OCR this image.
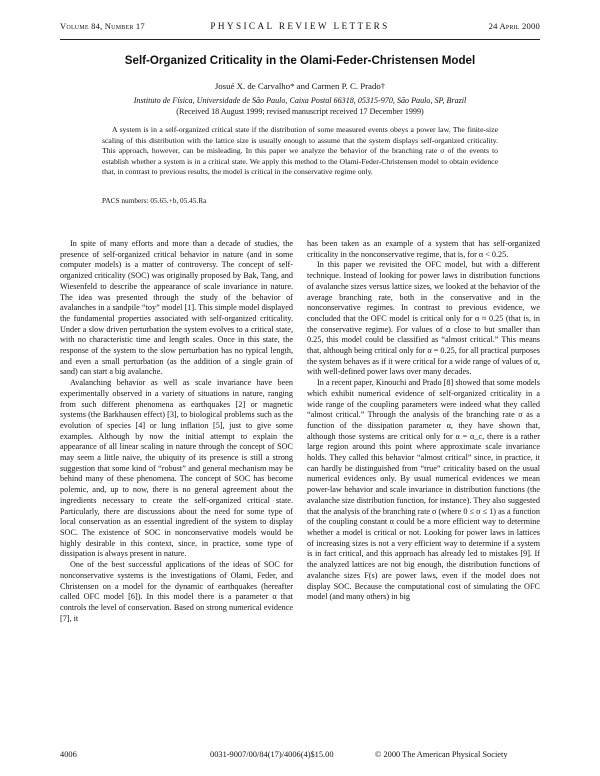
Volume 84, Number 17	PHYSICAL REVIEW LETTERS	24 April 2000
Self-Organized Criticality in the Olami-Feder-Christensen Model
Josué X. de Carvalho* and Carmen P. C. Prado†
Instituto de Física, Universidade de São Paulo, Caixa Postal 66318, 05315-970, São Paulo, SP, Brazil
(Received 18 August 1999; revised manuscript received 17 December 1999)
A system is in a self-organized critical state if the distribution of some measured events obeys a power law. The finite-size scaling of this distribution with the lattice size is usually enough to assume that the system displays self-organized criticality. This approach, however, can be misleading. In this paper we analyze the behavior of the branching rate σ of the events to establish whether a system is in a critical state. We apply this method to the Olami-Feder-Christensen model to obtain evidence that, in contrast to previous results, the model is critical in the conservative regime only.
PACS numbers: 05.65.+b, 05.45.Ra

In spite of many efforts and more than a decade of studies, the presence of self-organized critical behavior in nature (and in some computer models) is a matter of controversy. The concept of self-organized criticality (SOC) was originally proposed by Bak, Tang, and Wiesenfeld to describe the appearance of scale invariance in nature. The idea was presented through the study of the behavior of avalanches in a sandpile “toy” model [1]. This simple model displayed the fundamental properties associated with self-organized criticality. Under a slow driven perturbation the system evolves to a critical state, with no characteristic time and length scales. Once in this state, the response of the system to the slow perturbation has no typical length, and even a small perturbation (as the addition of a single grain of sand) can start a big avalanche.

Avalanching behavior as well as scale invariance have been experimentally observed in a variety of situations in nature, ranging from such different phenomena as earthquakes [2] or magnetic systems (the Barkhausen effect) [3], to biological problems such as the evolution of species [4] or lung inflation [5], just to give some examples. Although by now the initial attempt to explain the appearance of all linear scaling in nature through the concept of SOC may seem a little naive, the ubiquity of its presence is still a strong suggestion that some kind of “robust” and general mechanism may be behind many of these phenomena. The concept of SOC has become polemic, and, up to now, there is no general agreement about the ingredients necessary to create the self-organized critical state. Particularly, there are discussions about the need for some type of local conservation as an essential ingredient of the system to display SOC. The existence of SOC in nonconservative models would be highly desirable in this context, since, in practice, some type of dissipation is always present in nature.

One of the best successful applications of the ideas of SOC for nonconservative systems is the investigations of Olami, Feder, and Christensen on a model for the dynamic of earthquakes (hereafter called OFC model [6]). In this model there is a parameter α that controls the level of conservation. Based on strong numerical evidence [7], it

has been taken as an example of a system that has self-organized criticality in the nonconservative regime, that is, for α < 0.25.

In this paper we revisited the OFC model, but with a different technique. Instead of looking for power laws in distribution functions of avalanche sizes versus lattice sizes, we looked at the behavior of the average branching rate, both in the conservative and in the nonconservative regimes. In contrast to previous evidence, we concluded that the OFC model is critical only for α ≈ 0.25 (that is, in the conservative regime). For values of α close to but smaller than 0.25, this model could be classified as “almost critical.” This means that, although being critical only for α = 0.25, for all practical purposes the system behaves as if it were critical for a wide range of values of α, with well-defined power laws over many decades.

In a recent paper, Kinouchi and Prado [8] showed that some models which exhibit numerical evidence of self-organized criticality in a wide range of the coupling parameters were indeed what they called “almost critical.” Through the analysis of the branching rate σ as a function of the dissipation parameter α, they have shown that, although those systems are critical only for α = α_c, there is a rather large region around this point where approximate scale invariance holds. They called this behavior “almost critical” since, in practice, it can hardly be distinguished from “true” criticality based on the usual numerical evidences only. By usual numerical evidences we mean power-law behavior and scale invariance in distribution functions (the avalanche size distribution function, for instance). They also suggested that the analysis of the branching rate σ (where 0 ≤ σ ≤ 1) as a function of the coupling constant α could be a more efficient way to determine whether a model is critical or not. Looking for power laws in lattices of increasing sizes is not a very efficient way to determine if a system is in fact critical, and this approach has already led to mistakes [9]. If the analyzed lattices are not big enough, the distribution functions of avalanche sizes F(s) are power laws, even if the model does not display SOC. Because the computational cost of simulating the OFC model (and many others) in big

4006	0031-9007/00/84(17)/4006(4)$15.00	© 2000 The American Physical Society
